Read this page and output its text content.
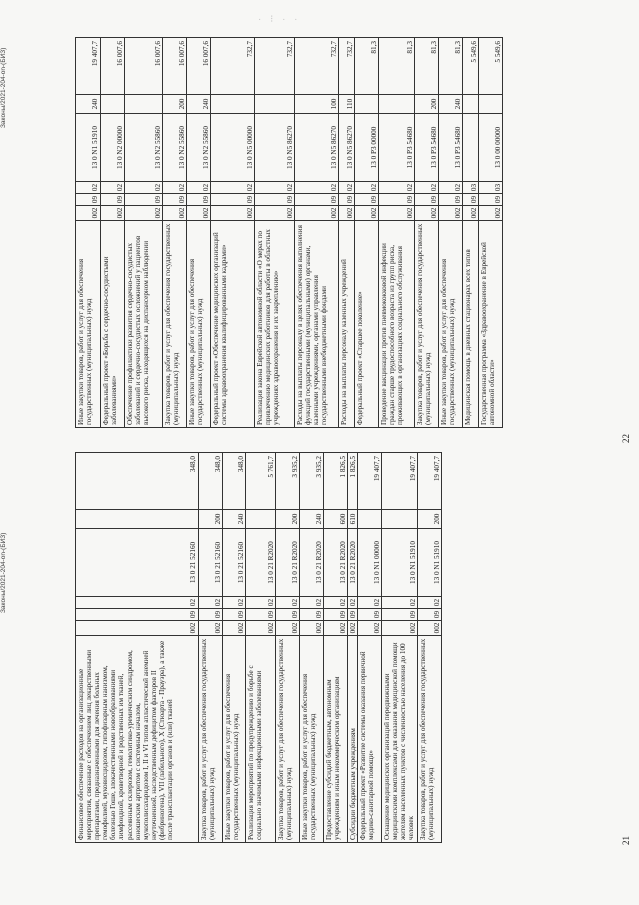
· ⁝ · ·
21
Финансовое обеспечение расходов на организационные мероприятия, связанные с обеспечением лиц лекарственными препаратами, предназначенными для лечения больных гемофилией, муковисцидозом, гипофизарным нанизмом, болезнью Гоше, злокачественными новообразованиями лимфоидной, кроветворной и родственных им тканей, рассеянным склерозом, гемолитико-уремическим синдромом, юношеским артритом с системным началом, мукополисахаридозом I, II и VI типов апластической анемией неуточненной, наследственным дефицитом факторов II (фибриногена), VII (лабильного), X (Стюарта - Прауэра), а также после трансплантации органов и (или) тканей
002
09
02
13 0 21 52160
348,0
Закупка товаров, работ и услуг для обеспечения государственных (муниципальных) нужд
002
09
02
13 0 21 52160
200
348,0
Иные закупки товаров, работ и услуг для обеспечения государственных (муниципальных) нужд
002
09
02
13 0 21 52160
240
348,0
Реализация мероприятий по предупреждению и борьбе с социально значимыми инфекционными заболеваниями
002
09
02
13 0 21 R2020
5 761,7
Закупка товаров, работ и услуг для обеспечения государственных (муниципальных) нужд
002
09
02
13 0 21 R2020
200
3 935,2
Иные закупки товаров, работ и услуг для обеспечения государственных (муниципальных) нужд
002
09
02
13 0 21 R2020
240
3 935,2
Предоставление субсидий бюджетным, автономным учреждениям и иным некоммерческим организациям
002
09
02
13 0 21 R2020
600
1 826,5
Субсидии бюджетным учреждениям
002
09
02
13 0 21 R2020
610
1 826,5
Федеральный проект «Развитие системы оказания первичной медико-санитарной помощи»
002
09
02
13 0 N1 00000
19 407,7
Оснащение медицинских организаций передвижными медицинскими комплексами для оказания медицинской помощи жителям населенных пунктов с численностью населения до 100 человек
002
09
02
13 0 N1 51910
19 407,7
Закупка товаров, работ и услуг для обеспечения государственных (муниципальных) нужд
002
09
02
13 0 N1 51910
200
19 407,7
Законы/2021-204-on-(БИЗ)
22
Иные закупки товаров, работ и услуг для обеспечения государственных (муниципальных) нужд
002
09
02
13 0 N1 51910
240
19 407,7
Федеральный проект «Борьба с сердечно-сосудистыми заболеваниями»
002
09
02
13 0 N2 00000
16 007,6
Обеспечение профилактики развития сердечно-сосудистых заболеваний и сердечно-сосудистых осложнений у пациентов высокого риска, находящихся на диспансерном наблюдении
002
09
02
13 0 N2 55860
16 007,6
Закупка товаров, работ и услуг для обеспечения государственных (муниципальных) нужд
002
09
02
13 0 N2 55860
200
16 007,6
Иные закупки товаров, работ и услуг для обеспечения государственных (муниципальных) нужд
002
09
02
13 0 N2 55860
240
16 007,6
Федеральный проект «Обеспечение медицинских организаций системы здравоохранения квалифицированными кадрами»
002
09
02
13 0 N5 00000
732,7
Реализация закона Еврейской автономной области «О мерах по привлечению медицинских работников для работы в областных учреждениях здравоохранения и их закреплению»
002
09
02
13 0 N5 86270
732,7
Расходы на выплаты персоналу в целях обеспечения выполнения функций государственными (муниципальными) органами, казенными учреждениями, органами управления государственными внебюджетными фондами
002
09
02
13 0 N5 86270
100
732,7
Расходы на выплаты персоналу казенных учреждений
002
09
02
13 0 N5 86270
110
732,7
Федеральный проект «Старшее поколение»
002
09
02
13 0 P3 00000
81,3
Проведение вакцинации против пневмококковой инфекции граждан старше трудоспособного возраста из групп риска, проживающих в организациях социального обслуживания
002
09
02
13 0 P3 54680
81,3
Закупка товаров, работ и услуг для обеспечения государственных (муниципальных) нужд
002
09
02
13 0 P3 54680
200
81,3
Иные закупки товаров, работ и услуг для обеспечения государственных (муниципальных) нужд
002
09
02
13 0 P3 54680
240
81,3
Медицинская помощь в дневных стационарах всех типов
002
09
03
5 549,6
Государственная программа «Здравоохранение в Еврейской автономной области»
002
09
03
13 0 00 00000
5 549,6
Законы/2021-204-on-(БИЗ)
